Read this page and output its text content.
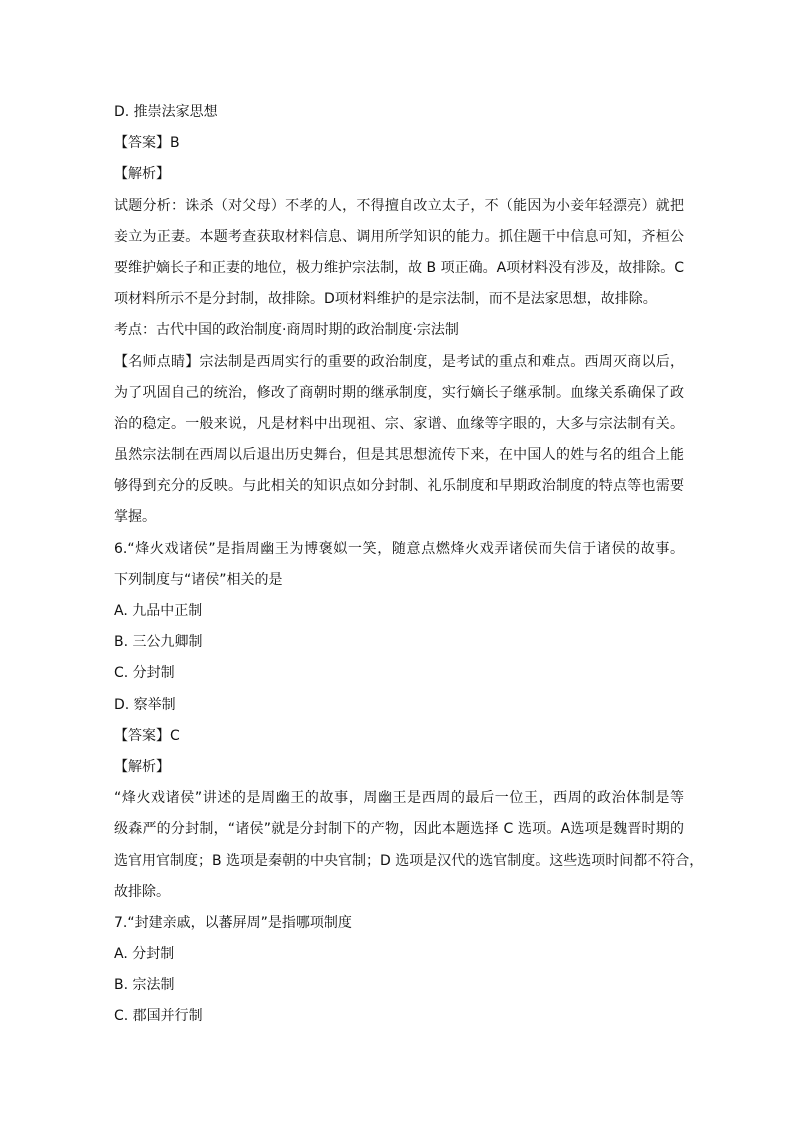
D. 推崇法家思想

【答案】B

【解析】

试题分析：诛杀（对父母）不孝的人，不得擅自改立太子，不（能因为小妾年轻漂亮）就把

妾立为正妻。本题考查获取材料信息、调用所学知识的能力。抓住题干中信息可知，齐桓公

要维护嫡长子和正妻的地位，极力维护宗法制，故 B 项正确。A项材料没有涉及，故排除。C

项材料所示不是分封制，故排除。D项材料维护的是宗法制，而不是法家思想，故排除。

考点：古代中国的政治制度·商周时期的政治制度·宗法制

【名师点睛】宗法制是西周实行的重要的政治制度，是考试的重点和难点。西周灭商以后，

为了巩固自己的统治，修改了商朝时期的继承制度，实行嫡长子继承制。血缘关系确保了政

治的稳定。一般来说，凡是材料中出现祖、宗、家谱、血缘等字眼的，大多与宗法制有关。

虽然宗法制在西周以后退出历史舞台，但是其思想流传下来，在中国人的姓与名的组合上能

够得到充分的反映。与此相关的知识点如分封制、礼乐制度和早期政治制度的特点等也需要

掌握。

6.“烽火戏诸侯”是指周幽王为博褒姒一笑，随意点燃烽火戏弄诸侯而失信于诸侯的故事。

下列制度与“诸侯”相关的是

A. 九品中正制

B. 三公九卿制

C. 分封制

D. 察举制

【答案】C

【解析】

“烽火戏诸侯”讲述的是周幽王的故事，周幽王是西周的最后一位王，西周的政治体制是等

级森严的分封制，“诸侯”就是分封制下的产物，因此本题选择 C 选项。A选项是魏晋时期的

选官用官制度；B 选项是秦朝的中央官制；D 选项是汉代的选官制度。这些选项时间都不符合，

故排除。

7.“封建亲戚，以蕃屏周”是指哪项制度

A. 分封制

B. 宗法制

C. 郡国并行制
